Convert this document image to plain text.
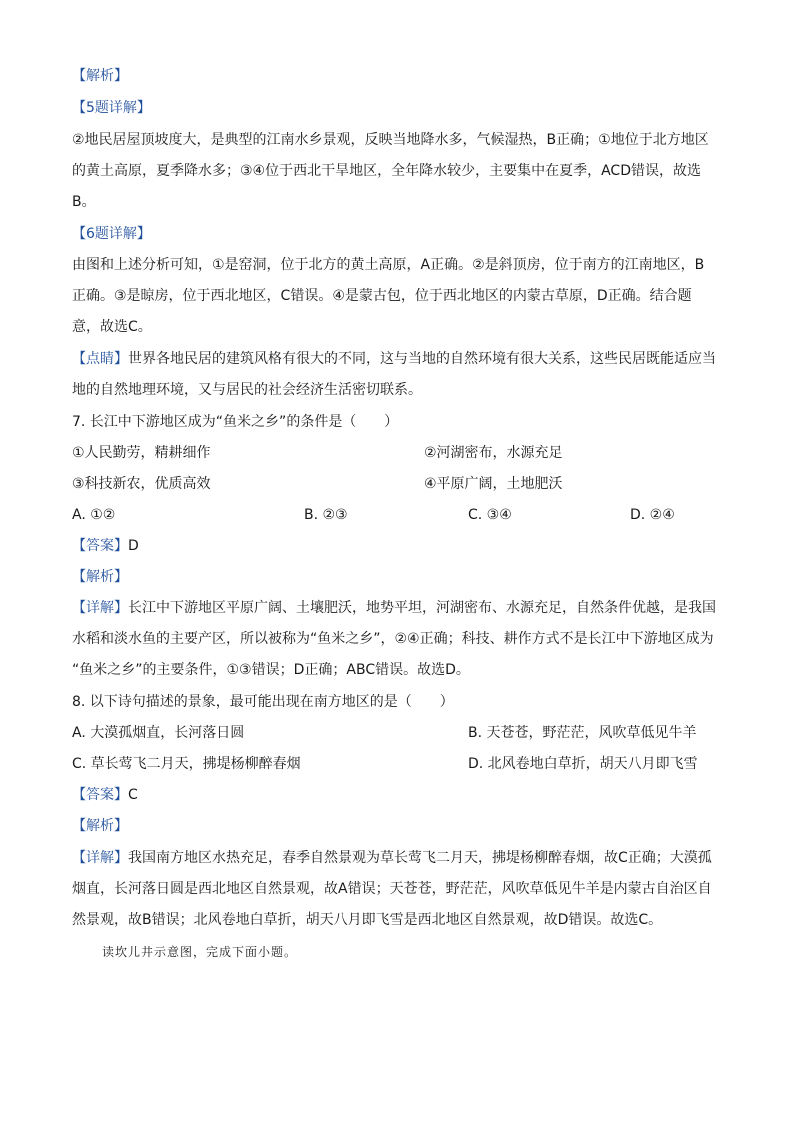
【解析】
【5题详解】
②地民居屋顶坡度大，是典型的江南水乡景观，反映当地降水多，气候湿热，B正确；①地位于北方地区
的黄土高原，夏季降水多；③④位于西北干旱地区，全年降水较少，主要集中在夏季，ACD错误，故选
B。
【6题详解】
由图和上述分析可知，①是窑洞，位于北方的黄土高原，A正确。②是斜顶房，位于南方的江南地区，B
正确。③是晾房，位于西北地区，C错误。④是蒙古包，位于西北地区的内蒙古草原，D正确。结合题
意，故选C。
【点睛】世界各地民居的建筑风格有很大的不同，这与当地的自然环境有很大关系，这些民居既能适应当
地的自然地理环境，又与居民的社会经济生活密切联系。
7. 长江中下游地区成为“鱼米之乡”的条件是（　　）
①人民勤劳，精耕细作	②河湖密布，水源充足
③科技新农，优质高效	④平原广阔，土地肥沃
A. ①②	B. ②③	C. ③④	D. ②④
【答案】D
【解析】
【详解】长江中下游地区平原广阔、土壤肥沃，地势平坦，河湖密布、水源充足，自然条件优越，是我国
水稻和淡水鱼的主要产区，所以被称为“鱼米之乡”，②④正确；科技、耕作方式不是长江中下游地区成为
“鱼米之乡”的主要条件，①③错误；D正确；ABC错误。故选D。
8. 以下诗句描述的景象，最可能出现在南方地区的是（　　）
A. 大漠孤烟直，长河落日圆	B. 天苍苍，野茫茫，风吹草低见牛羊
C. 草长莺飞二月天，拂堤杨柳醉春烟	D. 北风卷地白草折，胡天八月即飞雪
【答案】C
【解析】
【详解】我国南方地区水热充足，春季自然景观为草长莺飞二月天，拂堤杨柳醉春烟，故C正确；大漠孤
烟直，长河落日圆是西北地区自然景观，故A错误；天苍苍，野茫茫，风吹草低见牛羊是内蒙古自治区自
然景观，故B错误；北风卷地白草折，胡天八月即飞雪是西北地区自然景观，故D错误。故选C。
读坎儿井示意图，完成下面小题。
